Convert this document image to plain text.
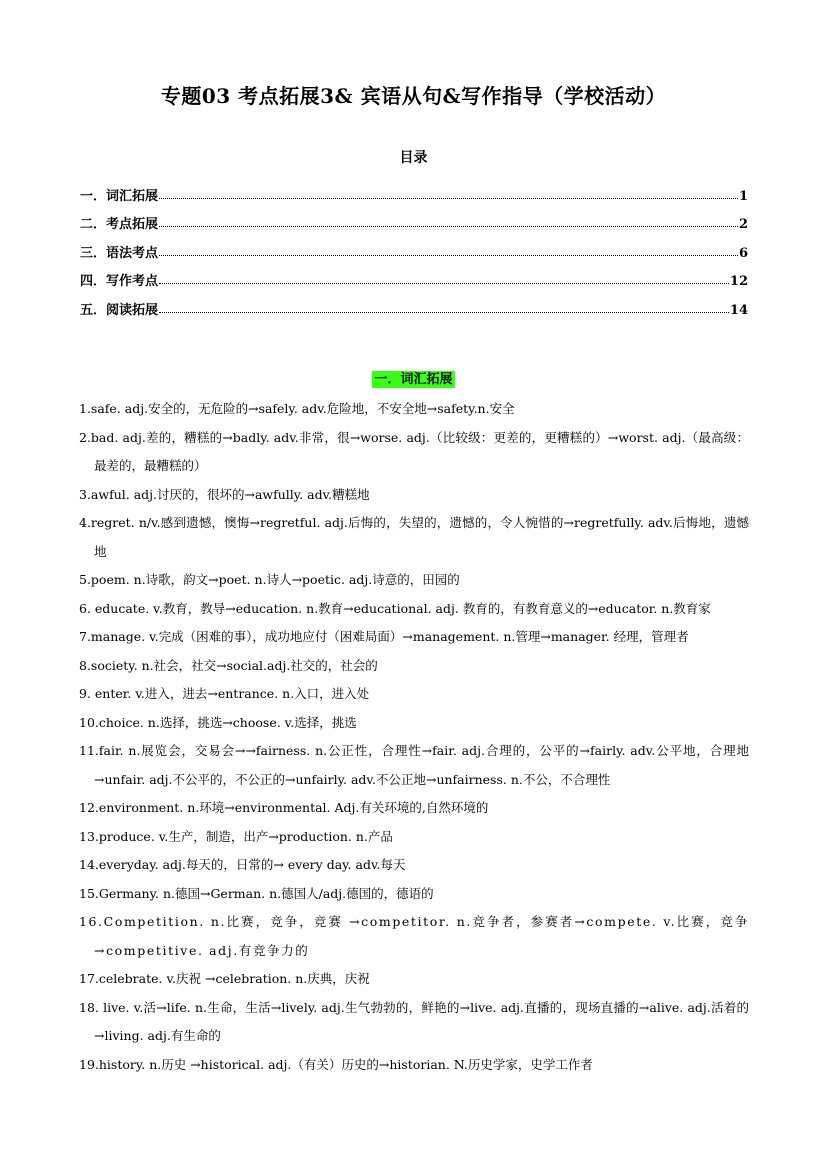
专题03 考点拓展3& 宾语从句&写作指导（学校活动）
目录
一．词汇拓展	1
二．考点拓展	2
三．语法考点	6
四．写作考点	12
五．阅读拓展	14
一．词汇拓展
1.safe. adj.安全的，无危险的→safely. adv.危险地，不安全地→safety.n.安全
2.bad. adj.差的，糟糕的→badly. adv.非常，很→worse. adj.（比较级：更差的，更糟糕的）→worst. adj.（最高级：最差的，最糟糕的）
3.awful. adj.讨厌的，很坏的→awfully. adv.糟糕地
4.regret. n/v.感到遗憾，懊悔→regretful. adj.后悔的，失望的，遗憾的，令人惋惜的→regretfully. adv.后悔地，遗憾地
5.poem. n.诗歌，韵文→poet. n.诗人→poetic. adj.诗意的，田园的
6. educate. v.教育，教导→education. n.教育→educational. adj. 教育的，有教育意义的→educator. n.教育家
7.manage. v.完成（困难的事），成功地应付（困难局面）→management. n.管理→manager. 经理，管理者
8.society. n.社会，社交→social.adj.社交的，社会的
9. enter. v.进入，进去→entrance. n.入口，进入处
10.choice. n.选择，挑选→choose. v.选择，挑选
11.fair. n.展览会，交易会→→fairness. n.公正性，合理性→fair. adj.合理的，公平的→fairly. adv.公平地，合理地→unfair. adj.不公平的，不公正的→unfairly. adv.不公正地→unfairness. n.不公，不合理性
12.environment. n.环境→environmental. Adj.有关环境的,自然环境的
13.produce. v.生产，制造，出产→production. n.产品
14.everyday. adj.每天的，日常的→ every day. adv.每天
15.Germany. n.德国→German. n.德国人/adj.德国的，德语的
16.Competition. n.比赛，竞争，竞赛 →competitor. n.竞争者，参赛者→compete. v.比赛，竞争→competitive. adj.有竞争力的
17.celebrate. v.庆祝 →celebration. n.庆典，庆祝
18. live. v.活→life. n.生命，生活→lively. adj.生气勃勃的，鲜艳的→live. adj.直播的，现场直播的→alive. adj.活着的→living. adj.有生命的
19.history. n.历史 →historical. adj.（有关）历史的→historian. N.历史学家，史学工作者
